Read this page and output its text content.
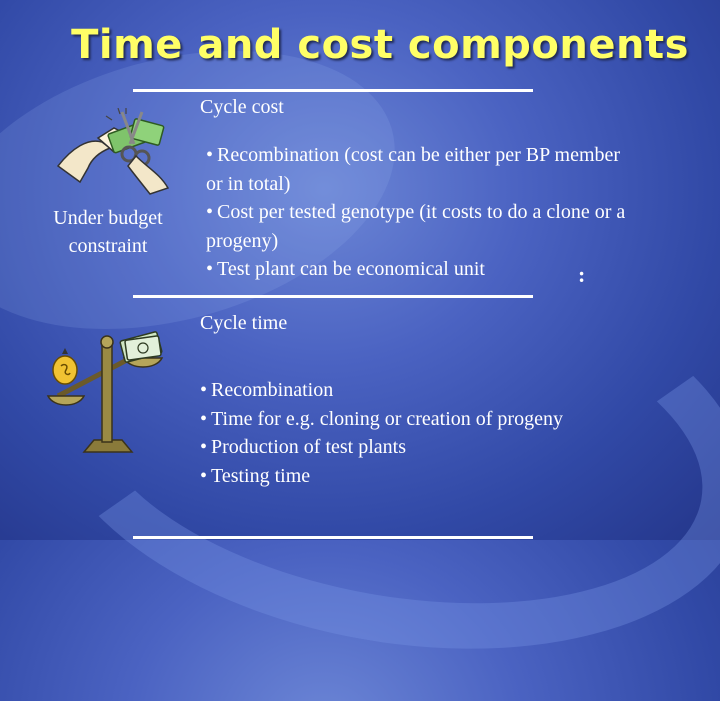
Time and cost components
Cycle cost
Under budget
constraint
• Recombination (cost can be either per BP member
or in total)
• Cost per tested genotype (it costs to do a clone or a
progeny)
• Test plant can be economical unit	:
Cycle time
• Recombination
• Time for e.g. cloning or creation of progeny
• Production of test plants
• Testing time
